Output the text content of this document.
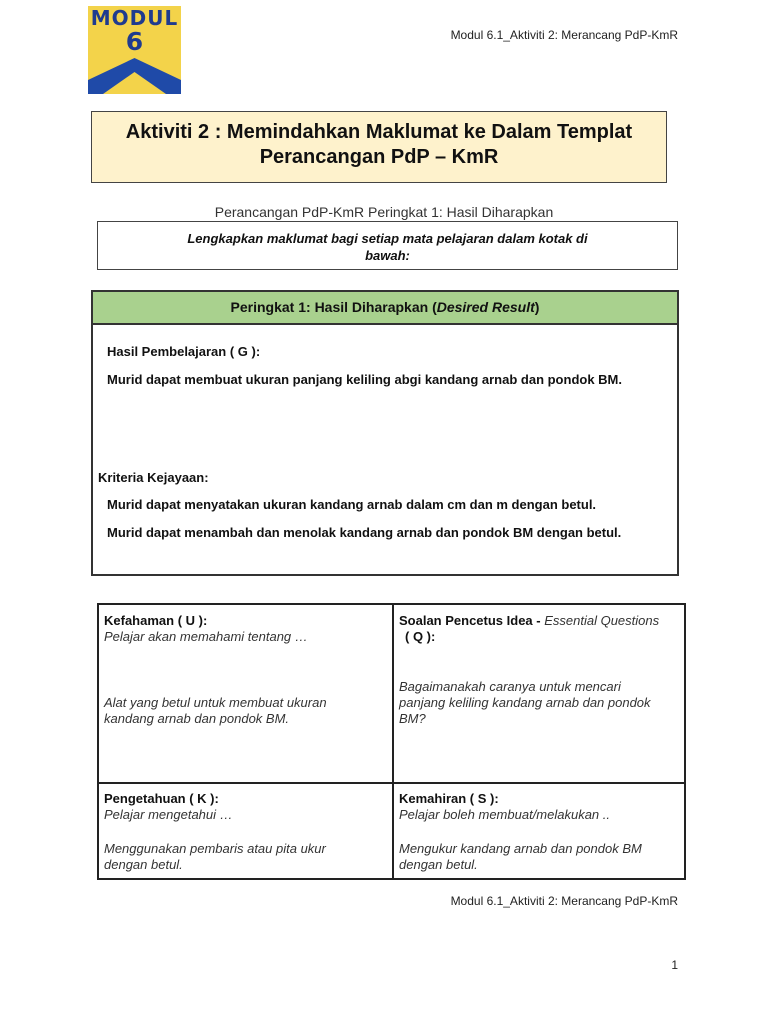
MODUL
6	Modul 6.1_Aktiviti 2: Merancang PdP-KmR
Aktiviti 2 : Memindahkan Maklumat ke Dalam Templat
Perancangan PdP – KmR
Perancangan PdP-KmR Peringkat 1: Hasil Diharapkan
Lengkapkan maklumat bagi setiap mata pelajaran dalam kotak di
bawah:
Peringkat 1: Hasil Diharapkan (Desired Result)
Hasil Pembelajaran ( G ):
Murid dapat membuat ukuran panjang keliling abgi kandang arnab dan pondok BM.
Kriteria Kejayaan:
Murid dapat menyatakan ukuran kandang arnab dalam cm dan m dengan betul.
Murid dapat menambah dan menolak kandang arnab dan pondok BM dengan betul.
Kefahaman ( U ):
Pelajar akan memahami tentang …
Alat yang betul untuk membuat ukuran
kandang arnab dan pondok BM.
Soalan Pencetus Idea - Essential Questions
( Q ):
Bagaimanakah caranya untuk mencari
panjang keliling kandang arnab dan pondok
BM?
Pengetahuan ( K ):
Pelajar mengetahui …
Menggunakan pembaris atau pita ukur
dengan betul.
Kemahiran ( S ):
Pelajar boleh membuat/melakukan ..
Mengukur kandang arnab dan pondok BM
dengan betul.
Modul 6.1_Aktiviti 2: Merancang PdP-KmR
1
